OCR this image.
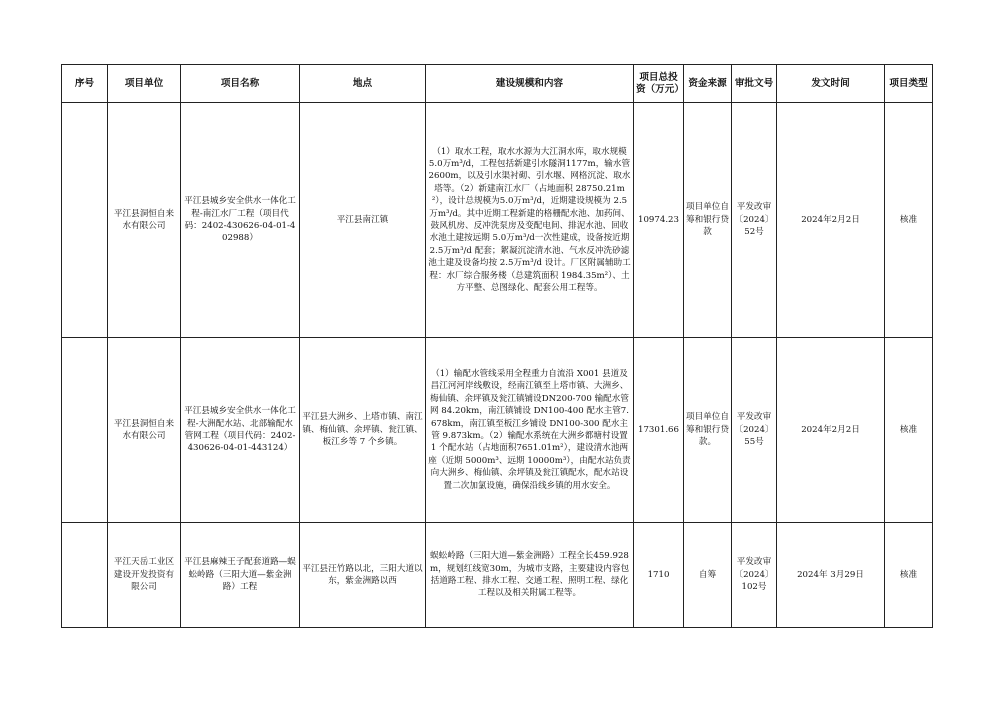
序号	项目单位	项目名称	地点	建设规模和内容	项目总投资（万元）	资金来源	审批文号	发文时间	项目类型
	平江县洞恒自来水有限公司	平江县城乡安全供水一体化工程-南江水厂工程（项目代码：2402-430626-04-01-402988）	平江县南江镇	（1）取水工程，取水水源为大江洞水库，取水规模 5.0万m³/d，工程包括新建引水隧洞1177m，输水管 2600m，以及引水渠衬砌、引水堰、网格沉淀、取水塔等。（2）新建南江水厂（占地面积 28750.21m²），设计总规模为5.0万m³/d，近期建设规模为 2.5万m³/d。其中近期工程新建的格栅配水池、加药间、鼓风机房、反冲洗泵房及变配电间、排泥水池、回收水池土建按远期 5.0万m³/d一次性建成，设备按近期2.5万m³/d 配套；絮凝沉淀清水池、气水反冲洗砂滤池土建及设备均按 2.5万m³/d 设计。厂区附属辅助工程：水厂综合服务楼（总建筑面积 1984.35m²）、土方平整、总图绿化、配套公用工程等。	10974.23	项目单位自筹和银行贷款	平发改审〔2024〕52号	2024年2月2日	核准
	平江县洞恒自来水有限公司	平江县城乡安全供水一体化工程-大洲配水站、北部输配水管网工程（项目代码：2402-430626-04-01-443124）	平江县大洲乡、上塔市镇、南江镇、梅仙镇、余坪镇、瓮江镇、板江乡等 7 个乡镇。	（1）输配水管线采用全程重力自流沿 X001 县道及昌江河河岸线敷设，经南江镇至上塔市镇、大洲乡、梅仙镇、余坪镇及瓮江镇铺设DN200-700 输配水管网 84.20km，南江镇铺设 DN100-400 配水主管7.678km，南江镇至板江乡铺设 DN100-300 配水主管 9.873km。（2）输配水系统在大洲乡都塘村设置 1 个配水站（占地面积7651.01m²），建设清水池两座（近期 5000m³、远期 10000m³），由配水站负责向大洲乡、梅仙镇、余坪镇及瓮江镇配水，配水站设置二次加氯设施，确保沿线乡镇的用水安全。	17301.66	项目单位自筹和银行贷款。	平发改审〔2024〕55号	2024年2月2日	核准
	平江天岳工业区建设开发投资有限公司	平江县麻辣王子配套道路—蜈蚣岭路（三阳大道—紫金洲路）工程	平江县汪竹路以北，三阳大道以东，紫金洲路以西	蜈蚣岭路（三阳大道—紫金洲路）工程全长459.928m，规划红线宽30m，为城市支路，主要建设内容包括道路工程、排水工程、交通工程、照明工程、绿化工程以及相关附属工程等。	1710	自筹	平发改审〔2024〕102号	2024年 3月29日	核准
